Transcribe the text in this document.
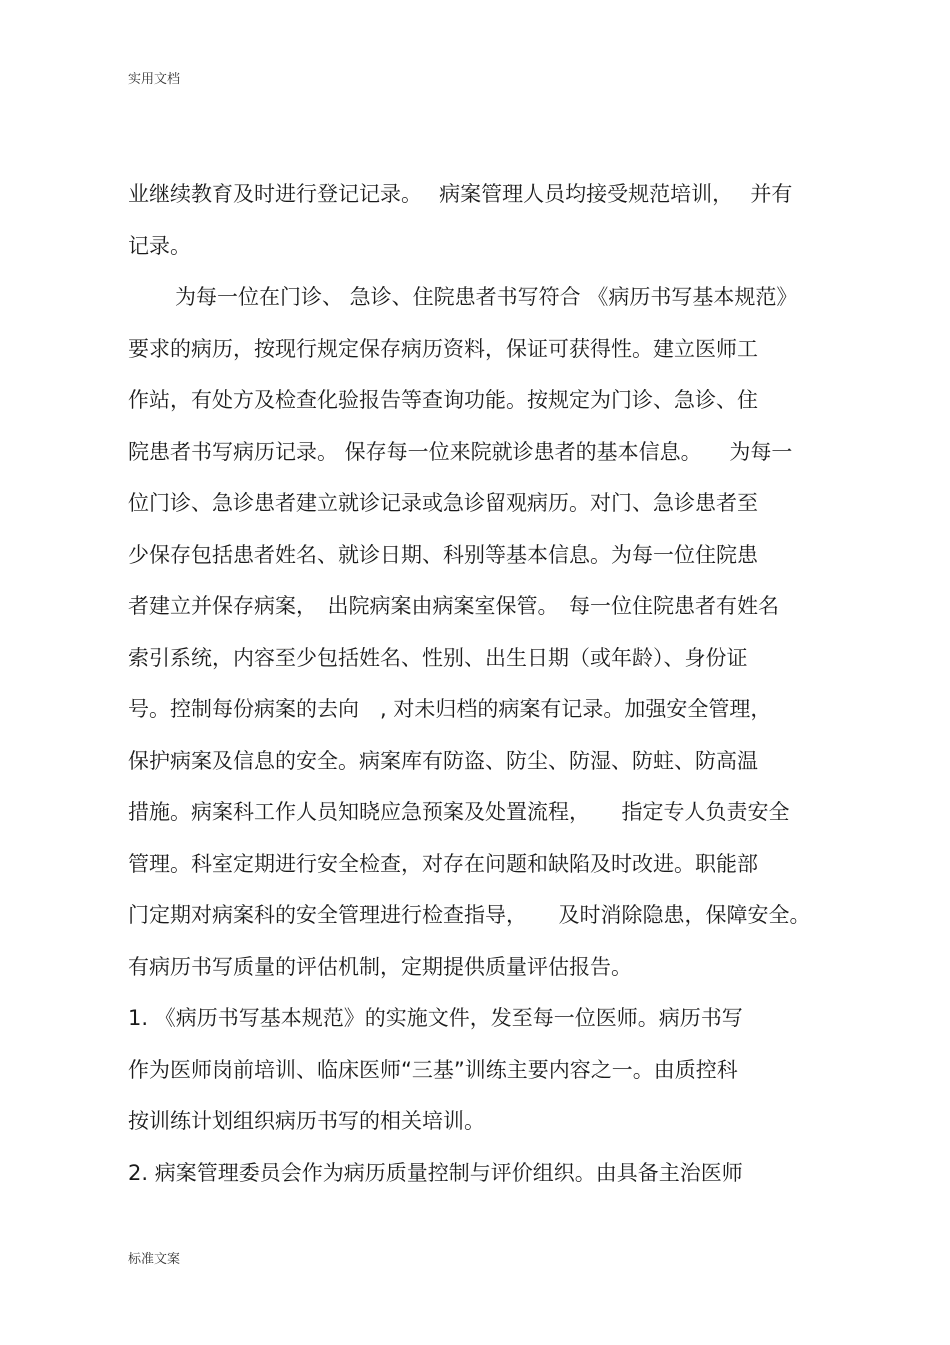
实用文档
业继续教育及时进行登记记录。　 病案管理人员均接受规范培训，　 并有
记录。
为每一位在门诊、 急诊、住院患者书写符合 《病历书写基本规范》
要求的病历，按现行规定保存病历资料，保证可获得性。建立医师工
作站，有处方及检查化验报告等查询功能。按规定为门诊、急诊、住
院患者书写病历记录。 保存每一位来院就诊患者的基本信息。 　为每一
位门诊、急诊患者建立就诊记录或急诊留观病历。对门、急诊患者至
少保存包括患者姓名、就诊日期、科别等基本信息。为每一位住院患
者建立并保存病案，　出院病案由病案室保管。　每一位住院患者有姓名
索引系统，内容至少包括姓名、性别、出生日期（或年龄）、身份证
号。控制每份病案的去向　, 对未归档的病案有记录。加强安全管理，
保护病案及信息的安全。病案库有防盗、防尘、防湿、防蛀、防高温
措施。病案科工作人员知晓应急预案及处置流程，　　指定专人负责安全
管理。科室定期进行安全检查，对存在问题和缺陷及时改进。职能部
门定期对病案科的安全管理进行检查指导，　　及时消除隐患，保障安全。
有病历书写质量的评估机制，定期提供质量评估报告。
1. 《病历书写基本规范》的实施文件，发至每一位医师。病历书写
作为医师岗前培训、临床医师“三基”训练主要内容之一。由质控科
按训练计划组织病历书写的相关培训。
2. 病案管理委员会作为病历质量控制与评价组织。由具备主治医师
标准文案
